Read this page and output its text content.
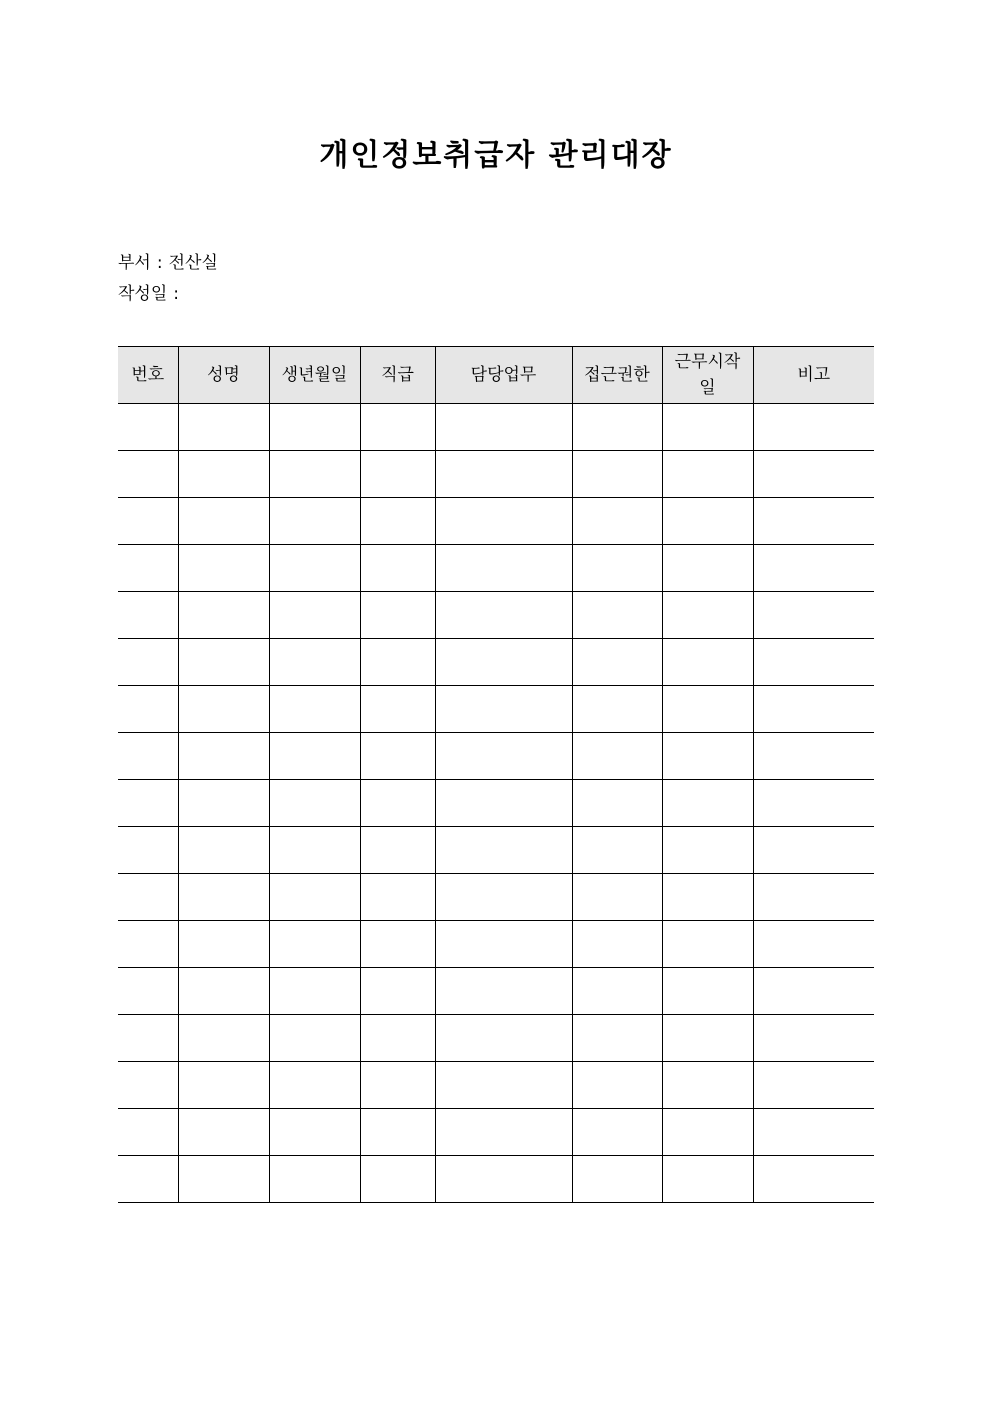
개인정보취급자 관리대장
부서 : 전산실
작성일 :
번호	성명	생년월일	직급	담당업무	접근권한	근무시작일	비고
